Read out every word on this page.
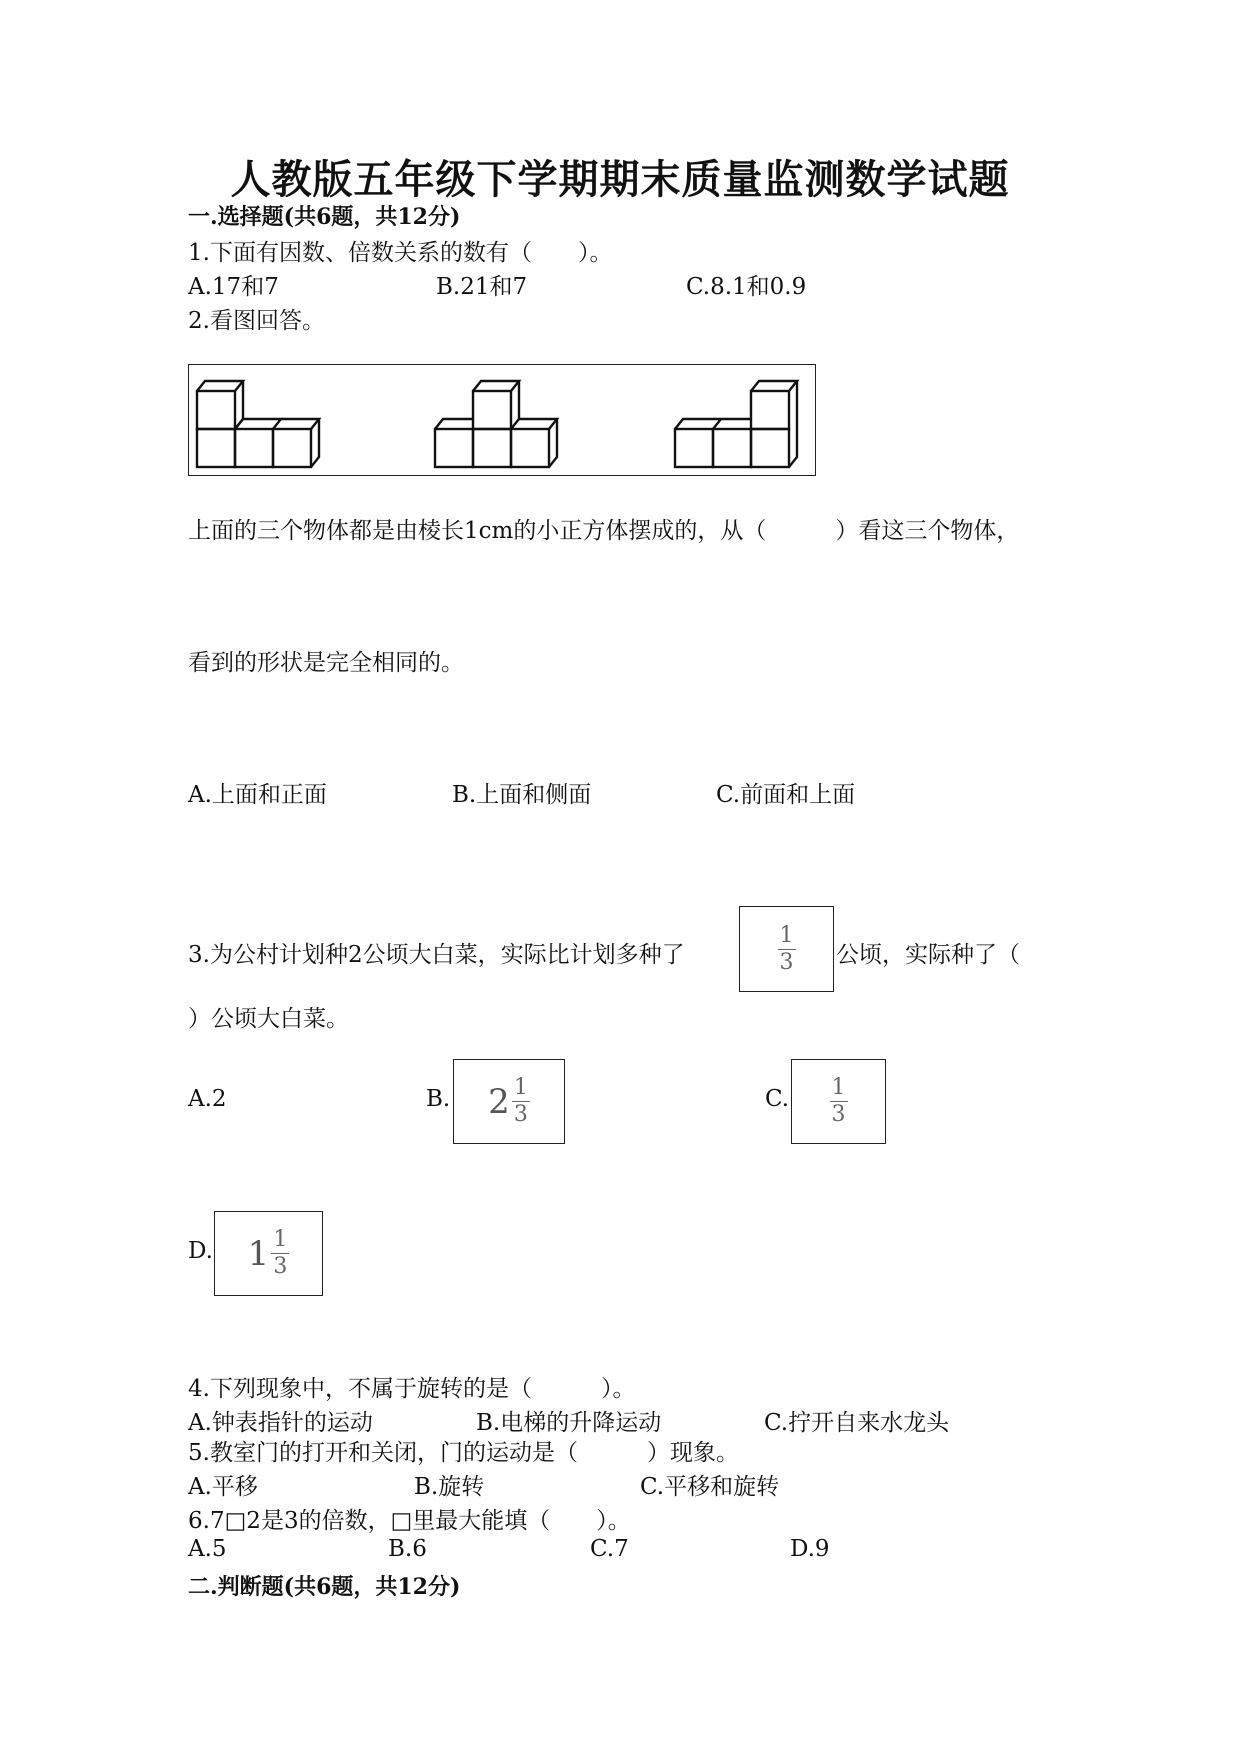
人教版五年级下学期期末质量监测数学试题
一.选择题(共6题，共12分)
1.下面有因数、倍数关系的数有（　　）。
A.17和7	B.21和7	C.8.1和0.9
2.看图回答。
上面的三个物体都是由棱长1cm的小正方体摆成的，从（　　　）看这三个物体，
看到的形状是完全相同的。
A.上面和正面	B.上面和侧面	C.前面和上面
3.为公村计划种2公顷大白菜，实际比计划多种了	$\frac{1}{3}$ 公顷，实际种了（
）公顷大白菜。
A.2	B. $2 \frac{1}{3}$	C. $\frac{1}{3}$
D. $1 \frac{1}{3}$
4.下列现象中，不属于旋转的是（　　　）。
A.钟表指针的运动	B.电梯的升降运动	C.拧开自来水龙头
5.教室门的打开和关闭，门的运动是（　　　）现象。
A.平移	B.旋转	C.平移和旋转
6.7□2是3的倍数，□里最大能填（　　）。
A.5	B.6	C.7	D.9
二.判断题(共6题，共12分)
